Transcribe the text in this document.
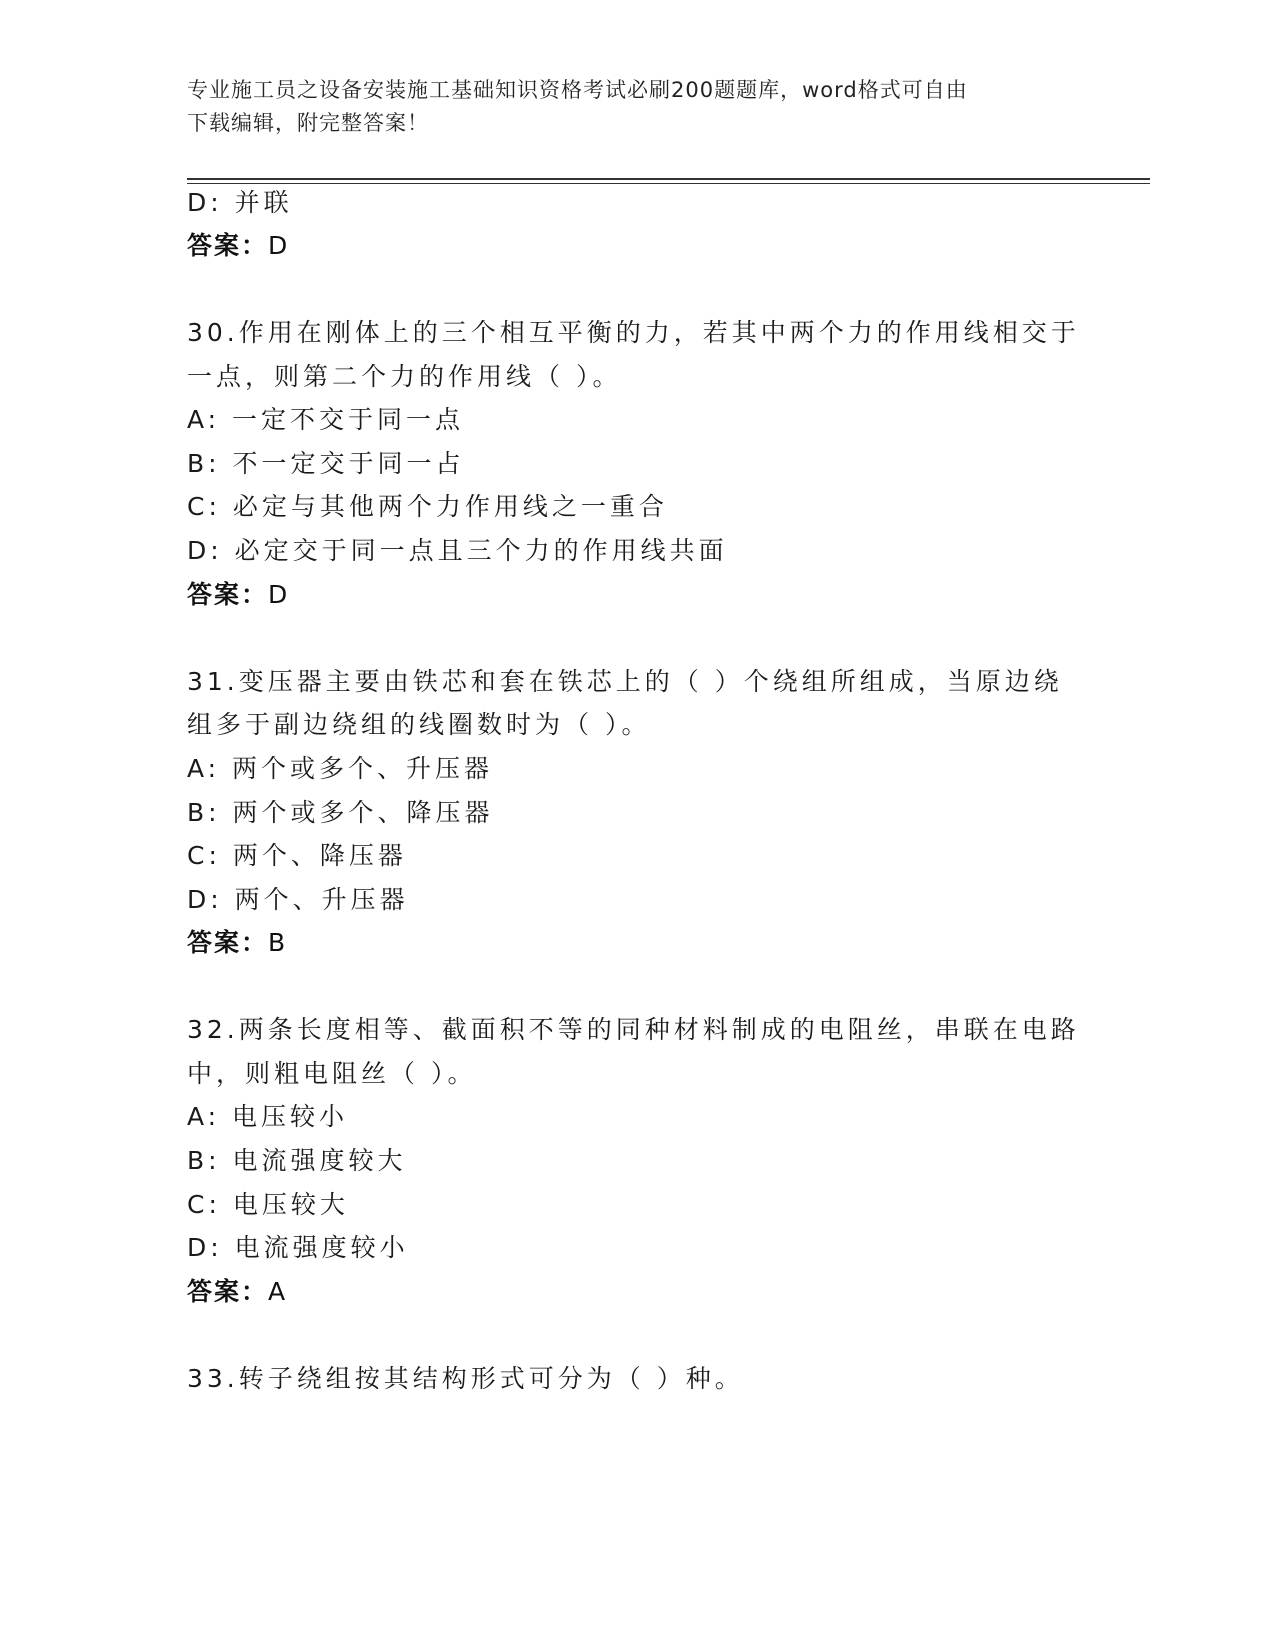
专业施工员之设备安装施工基础知识资格考试必刷200题题库，word格式可自由
下载编辑，附完整答案！
D: 并联
答案：D
30.作用在刚体上的三个相互平衡的力，若其中两个力的作用线相交于
一点，则第二个力的作用线（ ）。
A: 一定不交于同一点
B: 不一定交于同一占
C: 必定与其他两个力作用线之一重合
D: 必定交于同一点且三个力的作用线共面
答案：D
31.变压器主要由铁芯和套在铁芯上的（ ）个绕组所组成，当原边绕
组多于副边绕组的线圈数时为（ ）。
A: 两个或多个、升压器
B: 两个或多个、降压器
C: 两个、降压器
D: 两个、升压器
答案：B
32.两条长度相等、截面积不等的同种材料制成的电阻丝，串联在电路
中，则粗电阻丝（ ）。
A: 电压较小
B: 电流强度较大
C: 电压较大
D: 电流强度较小
答案：A
33.转子绕组按其结构形式可分为（ ）种。
